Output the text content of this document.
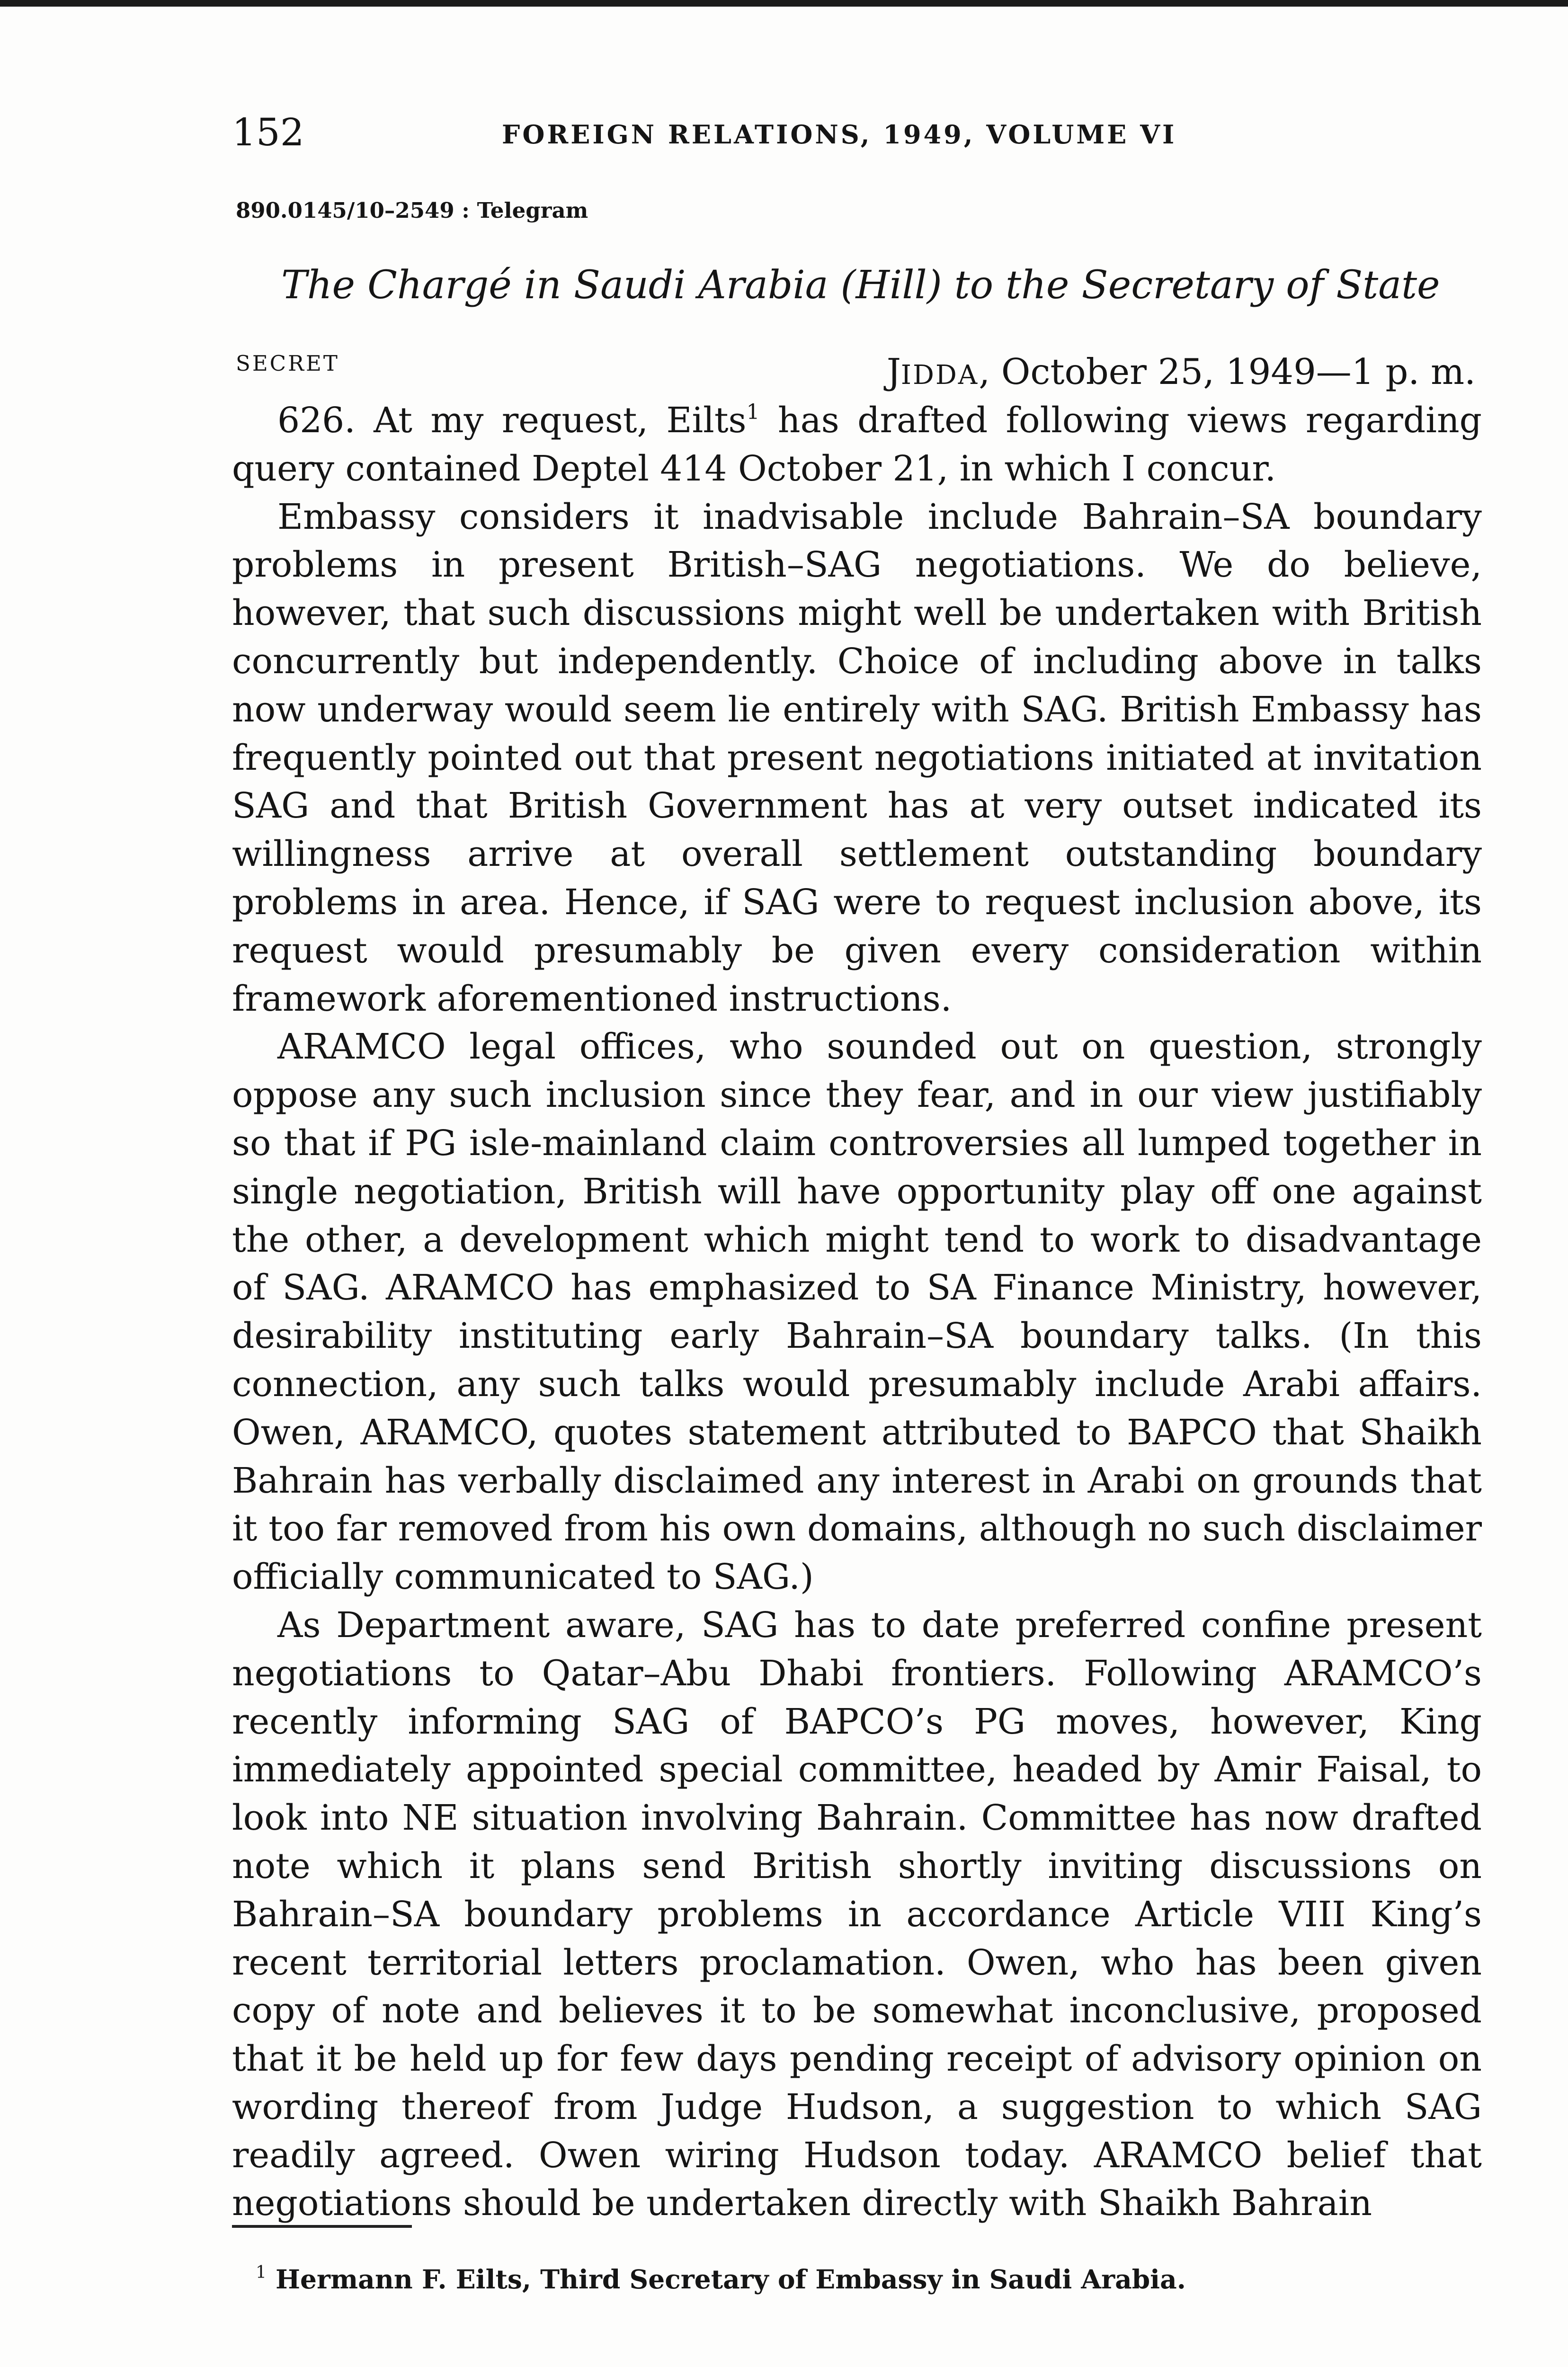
152	FOREIGN RELATIONS, 1949, VOLUME VI
890.0145/10–2549 : Telegram
The Chargé in Saudi Arabia (Hill) to the Secretary of State
SECRET	JIDDA, October 25, 1949—1 p. m.

626. At my request, Eilts$^1$ has drafted following views regarding query contained Deptel 414 October 21, in which I concur.

Embassy considers it inadvisable include Bahrain–SA boundary problems in present British–SAG negotiations. We do believe, however, that such discussions might well be undertaken with British concurrently but independently. Choice of including above in talks now underway would seem lie entirely with SAG. British Embassy has frequently pointed out that present negotiations initiated at invitation SAG and that British Government has at very outset indicated its willingness arrive at overall settlement outstanding boundary problems in area. Hence, if SAG were to request inclusion above, its request would presumably be given every consideration within framework aforementioned instructions.

ARAMCO legal offices, who sounded out on question, strongly oppose any such inclusion since they fear, and in our view justifiably so that if PG isle-mainland claim controversies all lumped together in single negotiation, British will have opportunity play off one against the other, a development which might tend to work to disadvantage of SAG. ARAMCO has emphasized to SA Finance Ministry, however, desirability instituting early Bahrain–SA boundary talks. (In this connection, any such talks would presumably include Arabi affairs. Owen, ARAMCO, quotes statement attributed to BAPCO that Shaikh Bahrain has verbally disclaimed any interest in Arabi on grounds that it too far removed from his own domains, although no such disclaimer officially communicated to SAG.)

As Department aware, SAG has to date preferred confine present negotiations to Qatar–Abu Dhabi frontiers. Following ARAMCO’s recently informing SAG of BAPCO’s PG moves, however, King immediately appointed special committee, headed by Amir Faisal, to look into NE situation involving Bahrain. Committee has now drafted note which it plans send British shortly inviting discussions on Bahrain–SA boundary problems in accordance Article VIII King’s recent territorial letters proclamation. Owen, who has been given copy of note and believes it to be somewhat inconclusive, proposed that it be held up for few days pending receipt of advisory opinion on wording thereof from Judge Hudson, a suggestion to which SAG readily agreed. Owen wiring Hudson today. ARAMCO belief that negotiations should be undertaken directly with Shaikh Bahrain

$^1$ Hermann F. Eilts, Third Secretary of Embassy in Saudi Arabia.
